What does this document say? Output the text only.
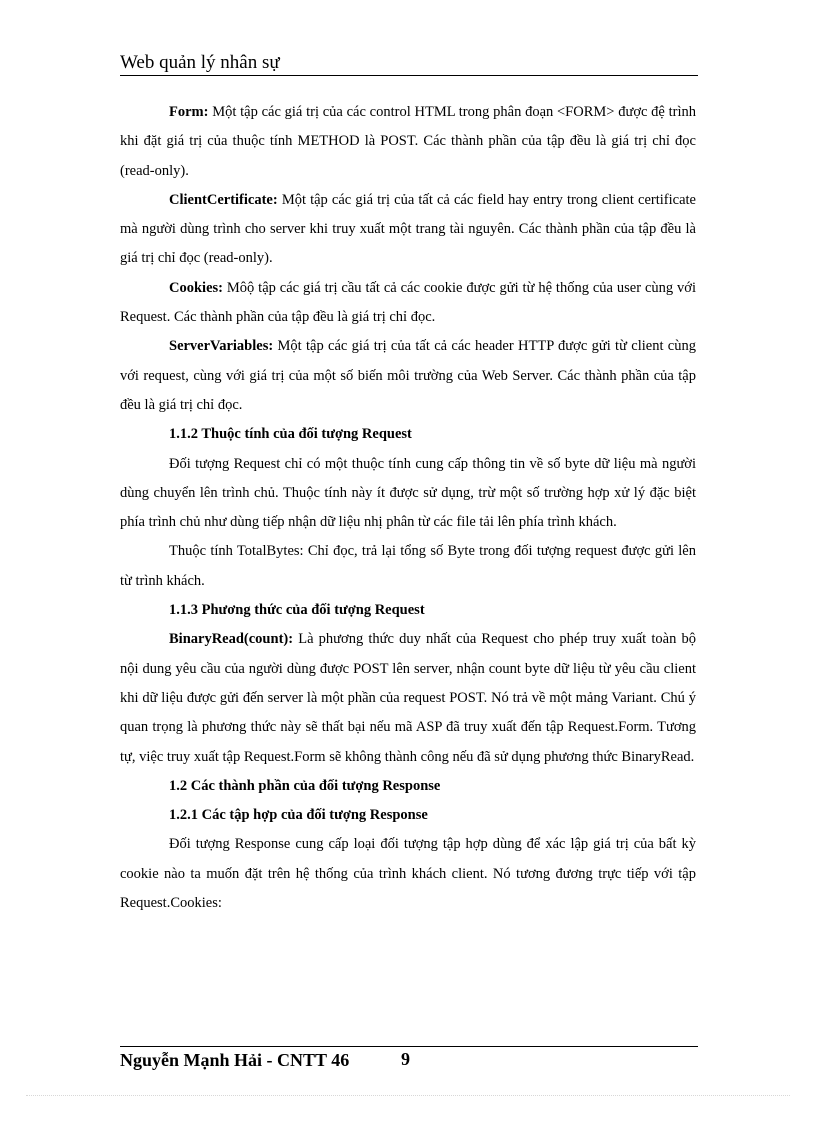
Web quản lý nhân sự

Form: Một tập các giá trị của các control HTML trong phân đoạn <FORM> được đệ trình khi đặt giá trị của thuộc tính METHOD là POST. Các thành phần của tập đều là giá trị chỉ đọc (read-only).

ClientCertificate: Một tập các giá trị của tất cả các field hay entry trong client certificate mà người dùng trình cho server khi truy xuất một trang tài nguyên. Các thành phần của tập đều là giá trị chỉ đọc (read-only).

Cookies: Môộ tập các giá trị cầu tất cả các cookie được gửi từ hệ thống của user cùng với Request. Các thành phần của tập đều là giá trị chỉ đọc.

ServerVariables: Một tập các giá trị của tất cả các header HTTP được gửi từ client cùng với request, cùng với giá trị của một số biến môi trường của Web Server. Các thành phần của tập đều là giá trị chỉ đọc.

1.1.2 Thuộc tính của đối tượng Request

Đối tượng Request chỉ có một thuộc tính cung cấp thông tin về số byte dữ liệu mà người dùng chuyển lên trình chủ. Thuộc tính này ít được sử dụng, trừ một số trường hợp xử lý đặc biệt phía trình chủ như dùng tiếp nhận dữ liệu nhị phân từ các file tải lên phía trình khách.

Thuộc tính TotalBytes: Chỉ đọc, trả lại tổng số Byte trong đối tượng request được gửi lên từ trình khách.

1.1.3 Phương thức của đối tượng Request

BinaryRead(count): Là phương thức duy nhất của Request cho phép truy xuất toàn bộ nội dung yêu cầu của người dùng được POST lên server, nhận count byte dữ liệu từ yêu cầu client khi dữ liệu được gửi đến server là một phần của request POST. Nó trả về một mảng Variant. Chú ý quan trọng là phương thức này sẽ thất bại nếu mã ASP đã truy xuất đến tập Request.Form. Tương tự, việc truy xuất tập Request.Form sẽ không thành công nếu đã sử dụng phương thức BinaryRead.

1.2 Các thành phần của đối tượng Response

1.2.1 Các tập hợp của đối tượng Response

Đối tượng Response cung cấp loại đối tượng tập hợp dùng để xác lập giá trị của bất kỳ cookie nào ta muốn đặt trên hệ thống của trình khách client. Nó tương đương trực tiếp với tập Request.Cookies:

Nguyễn Mạnh Hải - CNTT 46	9
